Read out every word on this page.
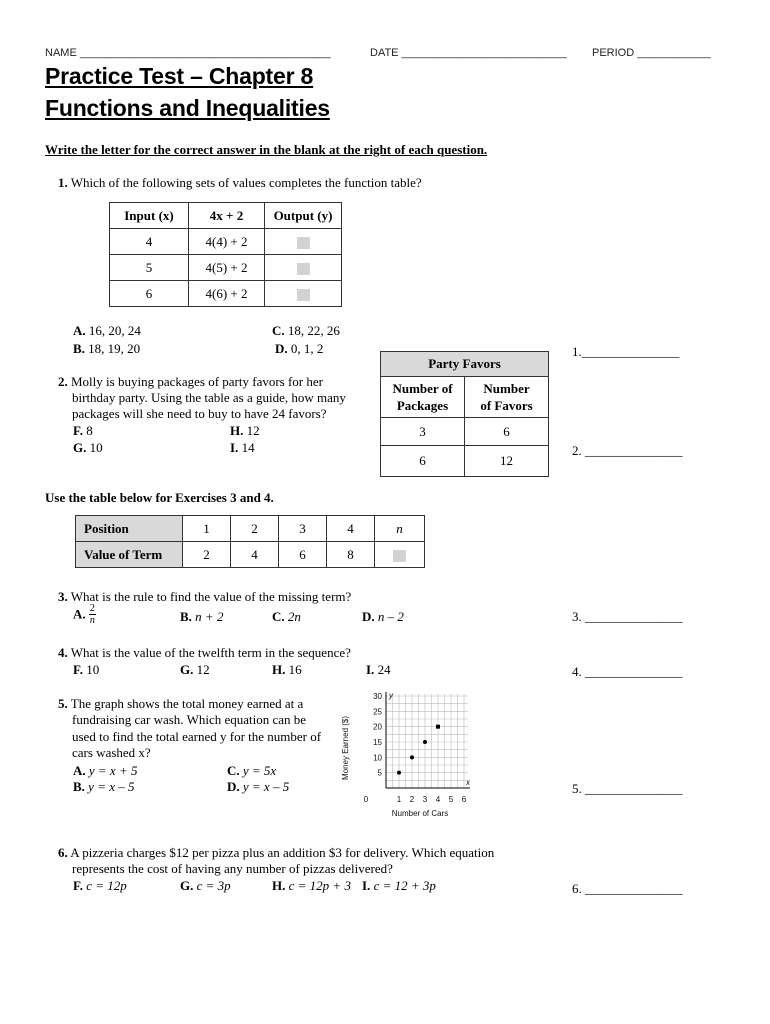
NAME _________________________________________	DATE ___________________________ PERIOD ____________
Practice Test – Chapter 8
Functions and Inequalities
Write the letter for the correct answer in the blank at the right of each question.
1. Which of the following sets of values completes the function table?
Input (x)	4x + 2	Output (y)
4	4(4) + 2	
5	4(5) + 2	
6	4(6) + 2	
A. 16, 20, 24
B. 18, 19, 20
C. 18, 22, 26
D. 0, 1, 2	1._______________
2. Molly is buying packages of party favors for her
birthday party. Using the table as a guide, how many
packages will she need to buy to have 24 favors?
F. 8
G. 10
H. 12
I. 14
Party Favors	
Number of
Packages	Number
of Favors
3	6
6	12
2. _______________
Use the table below for Exercises 3 and 4.
Position	1	2	3	4	n
Value of Term	2	4	6	8	
3. What is the rule to find the value of the missing term?
A. $\frac{2}{n}$	B. n + 2	C. 2n	D. n – 2	3. _______________
4. What is the value of the twelfth term in the sequence?
F. 10	G. 12	H. 16	I. 24	4. _______________
5. The graph shows the total money earned at a
fundraising car wash. Which equation can be
used to find the total earned y for the number of
cars washed x?
A. y = x + 5
B. y = x – 5
C. y = 5x
D. y = x – 5	5. _______________
0	1 2 3 4 5 6
5
10
15
20
25
30
Number of Cars
Money Earned ($)
x
y
6. A pizzeria charges $12 per pizza plus an addition $3 for delivery. Which equation
represents the cost of having any number of pizzas delivered?
F. c = 12p	G. c = 3p	H. c = 12p + 3 I. c = 12 + 3p	6. _______________
